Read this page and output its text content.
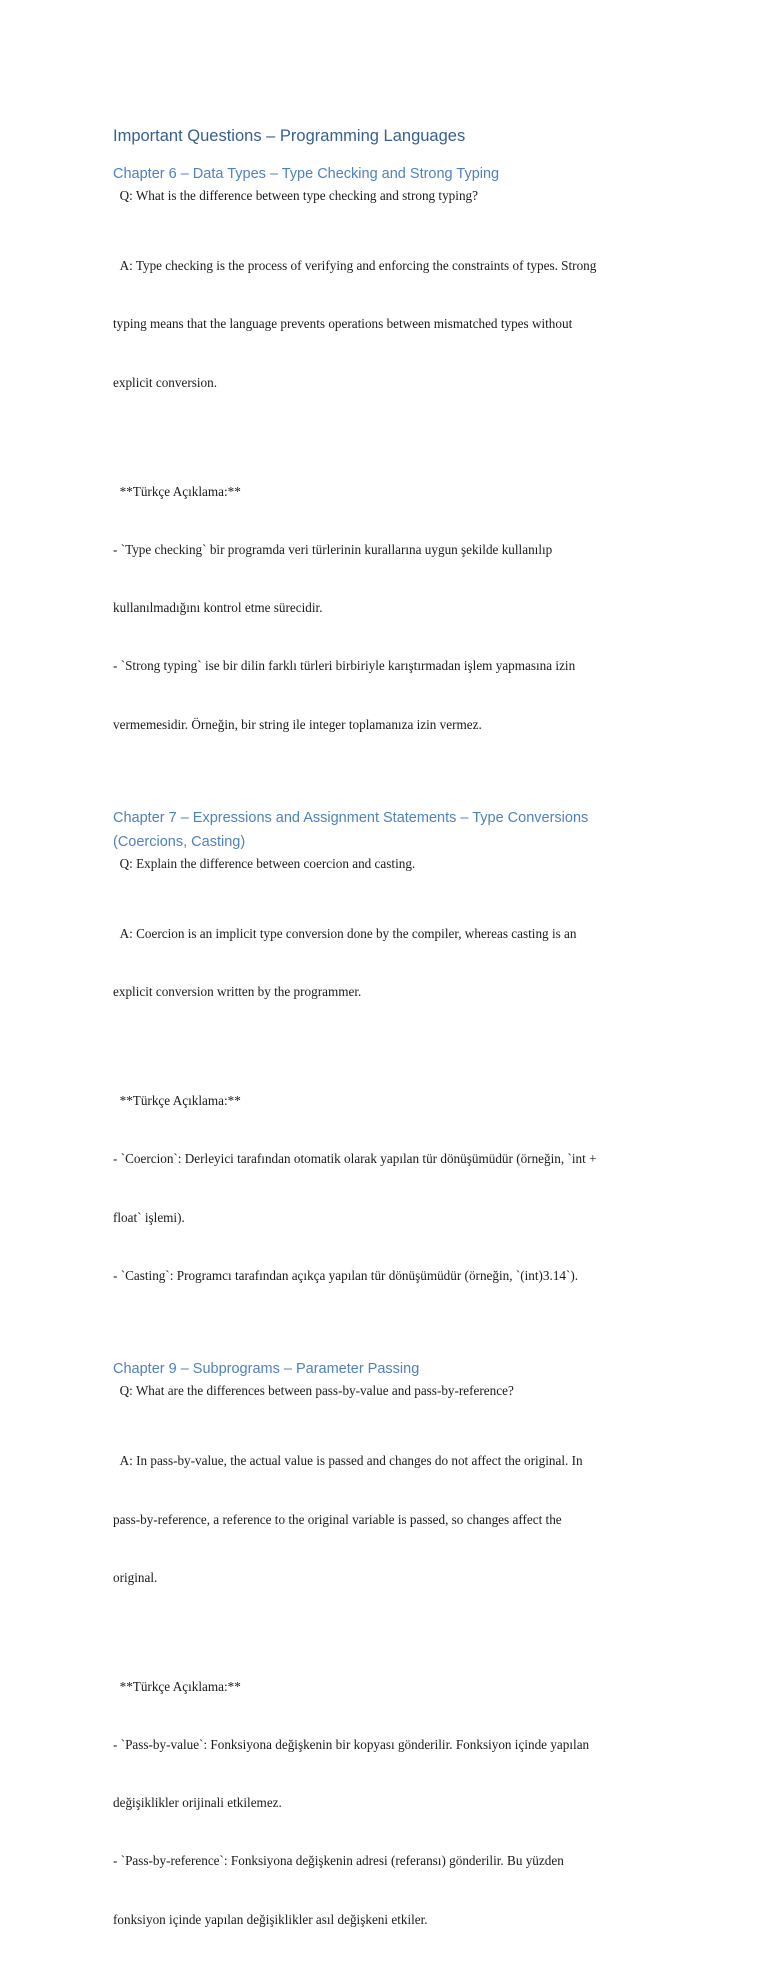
Important Questions – Programming Languages
Chapter 6 – Data Types – Type Checking and Strong Typing

Q: What is the difference between type checking and strong typing?

A: Type checking is the process of verifying and enforcing the constraints of types. Strong

typing means that the language prevents operations between mismatched types without

explicit conversion.

**Türkçe Açıklama:**

- `Type checking` bir programda veri türlerinin kurallarına uygun şekilde kullanılıp

kullanılmadığını kontrol etme sürecidir.

- `Strong typing` ise bir dilin farklı türleri birbiriyle karıştırmadan işlem yapmasına izin

vermemesidir. Örneğin, bir string ile integer toplamanıza izin vermez.

Chapter 7 – Expressions and Assignment Statements – Type Conversions
(Coercions, Casting)

Q: Explain the difference between coercion and casting.

A: Coercion is an implicit type conversion done by the compiler, whereas casting is an

explicit conversion written by the programmer.

**Türkçe Açıklama:**

- `Coercion`: Derleyici tarafından otomatik olarak yapılan tür dönüşümüdür (örneğin, `int +

float` işlemi).

- `Casting`: Programcı tarafından açıkça yapılan tür dönüşümüdür (örneğin, `(int)3.14`).

Chapter 9 – Subprograms – Parameter Passing

Q: What are the differences between pass-by-value and pass-by-reference?

A: In pass-by-value, the actual value is passed and changes do not affect the original. In

pass-by-reference, a reference to the original variable is passed, so changes affect the

original.

**Türkçe Açıklama:**

- `Pass-by-value`: Fonksiyona değişkenin bir kopyası gönderilir. Fonksiyon içinde yapılan

değişiklikler orijinali etkilemez.

- `Pass-by-reference`: Fonksiyona değişkenin adresi (referansı) gönderilir. Bu yüzden

fonksiyon içinde yapılan değişiklikler asıl değişkeni etkiler.
